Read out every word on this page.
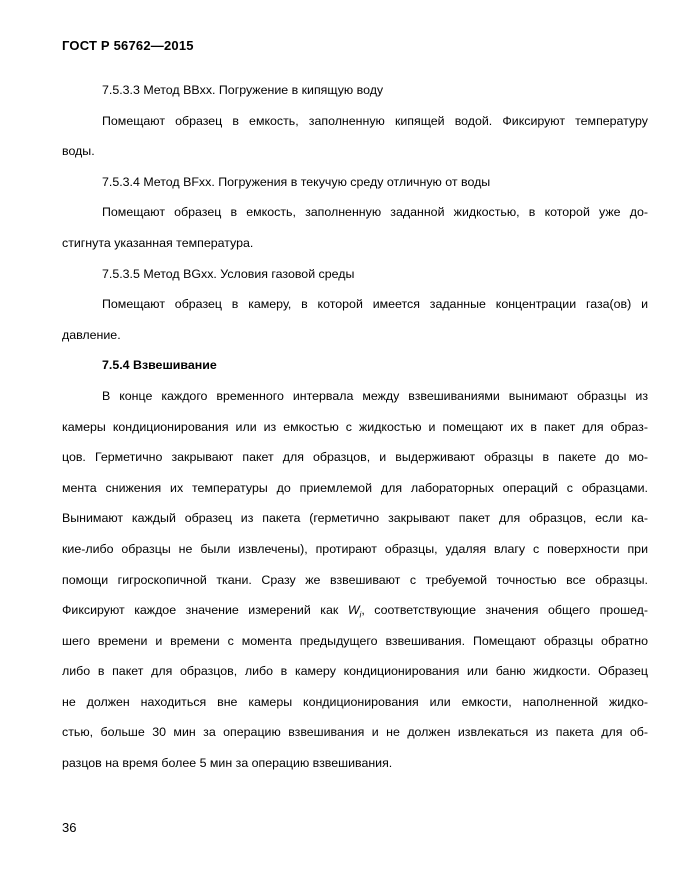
ГОСТ Р 56762—2015
7.5.3.3 Метод BBxx. Погружение в кипящую воду
Помещают образец в емкость, заполненную кипящей водой. Фиксируют температуру
воды.
7.5.3.4 Метод BFxx. Погружения в текучую среду отличную от воды
Помещают образец в емкость, заполненную заданной жидкостью, в которой уже до-
стигнута указанная температура.
7.5.3.5 Метод BGxx. Условия газовой среды
Помещают образец в камеру, в которой имеется заданные концентрации газа(ов) и
давление.
7.5.4 Взвешивание
В конце каждого временного интервала между взвешиваниями вынимают образцы из
камеры кондиционирования или из емкостью с жидкостью и помещают их в пакет для образ-
цов. Герметично закрывают пакет для образцов, и выдерживают образцы в пакете до мо-
мента снижения их температуры до приемлемой для лабораторных операций с образцами.
Вынимают каждый образец из пакета (герметично закрывают пакет для образцов, если ка-
кие-либо образцы не были извлечены), протирают образцы, удаляя влагу с поверхности при
помощи гигроскопичной ткани. Сразу же взвешивают с требуемой точностью все образцы.
Фиксируют каждое значение измерений как $W_i$, соответствующие значения общего прошед-
шего времени и времени с момента предыдущего взвешивания. Помещают образцы обратно
либо в пакет для образцов, либо в камеру кондиционирования или баню жидкости. Образец
не должен находиться вне камеры кондиционирования или емкости, наполненной жидко-
стью, больше 30 мин за операцию взвешивания и не должен извлекаться из пакета для об-
разцов на время более 5 мин за операцию взвешивания.
36
